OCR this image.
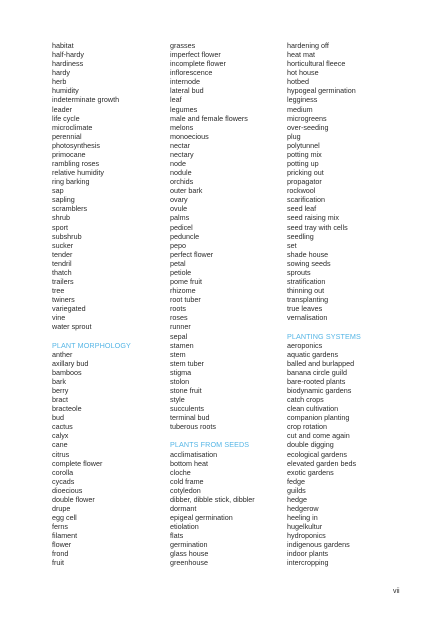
habitat
half-hardy
hardiness
hardy
herb
humidity
indeterminate growth
leader
life cycle
microclimate
perennial
photosynthesis
primocane
rambling roses
relative humidity
ring barking
sap
sapling
scramblers
shrub
sport
subshrub
sucker
tender
tendril
thatch
trailers
tree
twiners
variegated
vine
water sprout
PLANT MORPHOLOGY
anther
axillary bud
bamboos
bark
berry
bract
bracteole
bud
cactus
calyx
cane
citrus
complete flower
corolla
cycads
dioecious
double flower
drupe
egg cell
ferns
filament
flower
frond
fruit
grasses
imperfect flower
incomplete flower
inflorescence
internode
lateral bud
leaf
legumes
male and female flowers
melons
monoecious
nectar
nectary
node
nodule
orchids
outer bark
ovary
ovule
palms
pedicel
peduncle
pepo
perfect flower
petal
petiole
pome fruit
rhizome
root tuber
roots
roses
runner
sepal
stamen
stem
stem tuber
stigma
stolon
stone fruit
style
succulents
terminal bud
tuberous roots
PLANTS FROM SEEDS
acclimatisation
bottom heat
cloche
cold frame
cotyledon
dibber, dibble stick, dibbler
dormant
epigeal germination
etiolation
flats
germination
glass house
greenhouse
hardening off
heat mat
horticultural fleece
hot house
hotbed
hypogeal germination
legginess
medium
microgreens
over-seeding
plug
polytunnel
potting mix
potting up
pricking out
propagator
rockwool
scarification
seed leaf
seed raising mix
seed tray with cells
seedling
set
shade house
sowing seeds
sprouts
stratification
thinning out
transplanting
true leaves
vernalisation
PLANTING SYSTEMS
aeroponics
aquatic gardens
balled and burlapped
banana circle guild
bare-rooted plants
biodynamic gardens
catch crops
clean cultivation
companion planting
crop rotation
cut and come again
double digging
ecological gardens
elevated garden beds
exotic gardens
fedge
guilds
hedge
hedgerow
heeling in
hugelkultur
hydroponics
indigenous gardens
indoor plants
intercropping
vii
